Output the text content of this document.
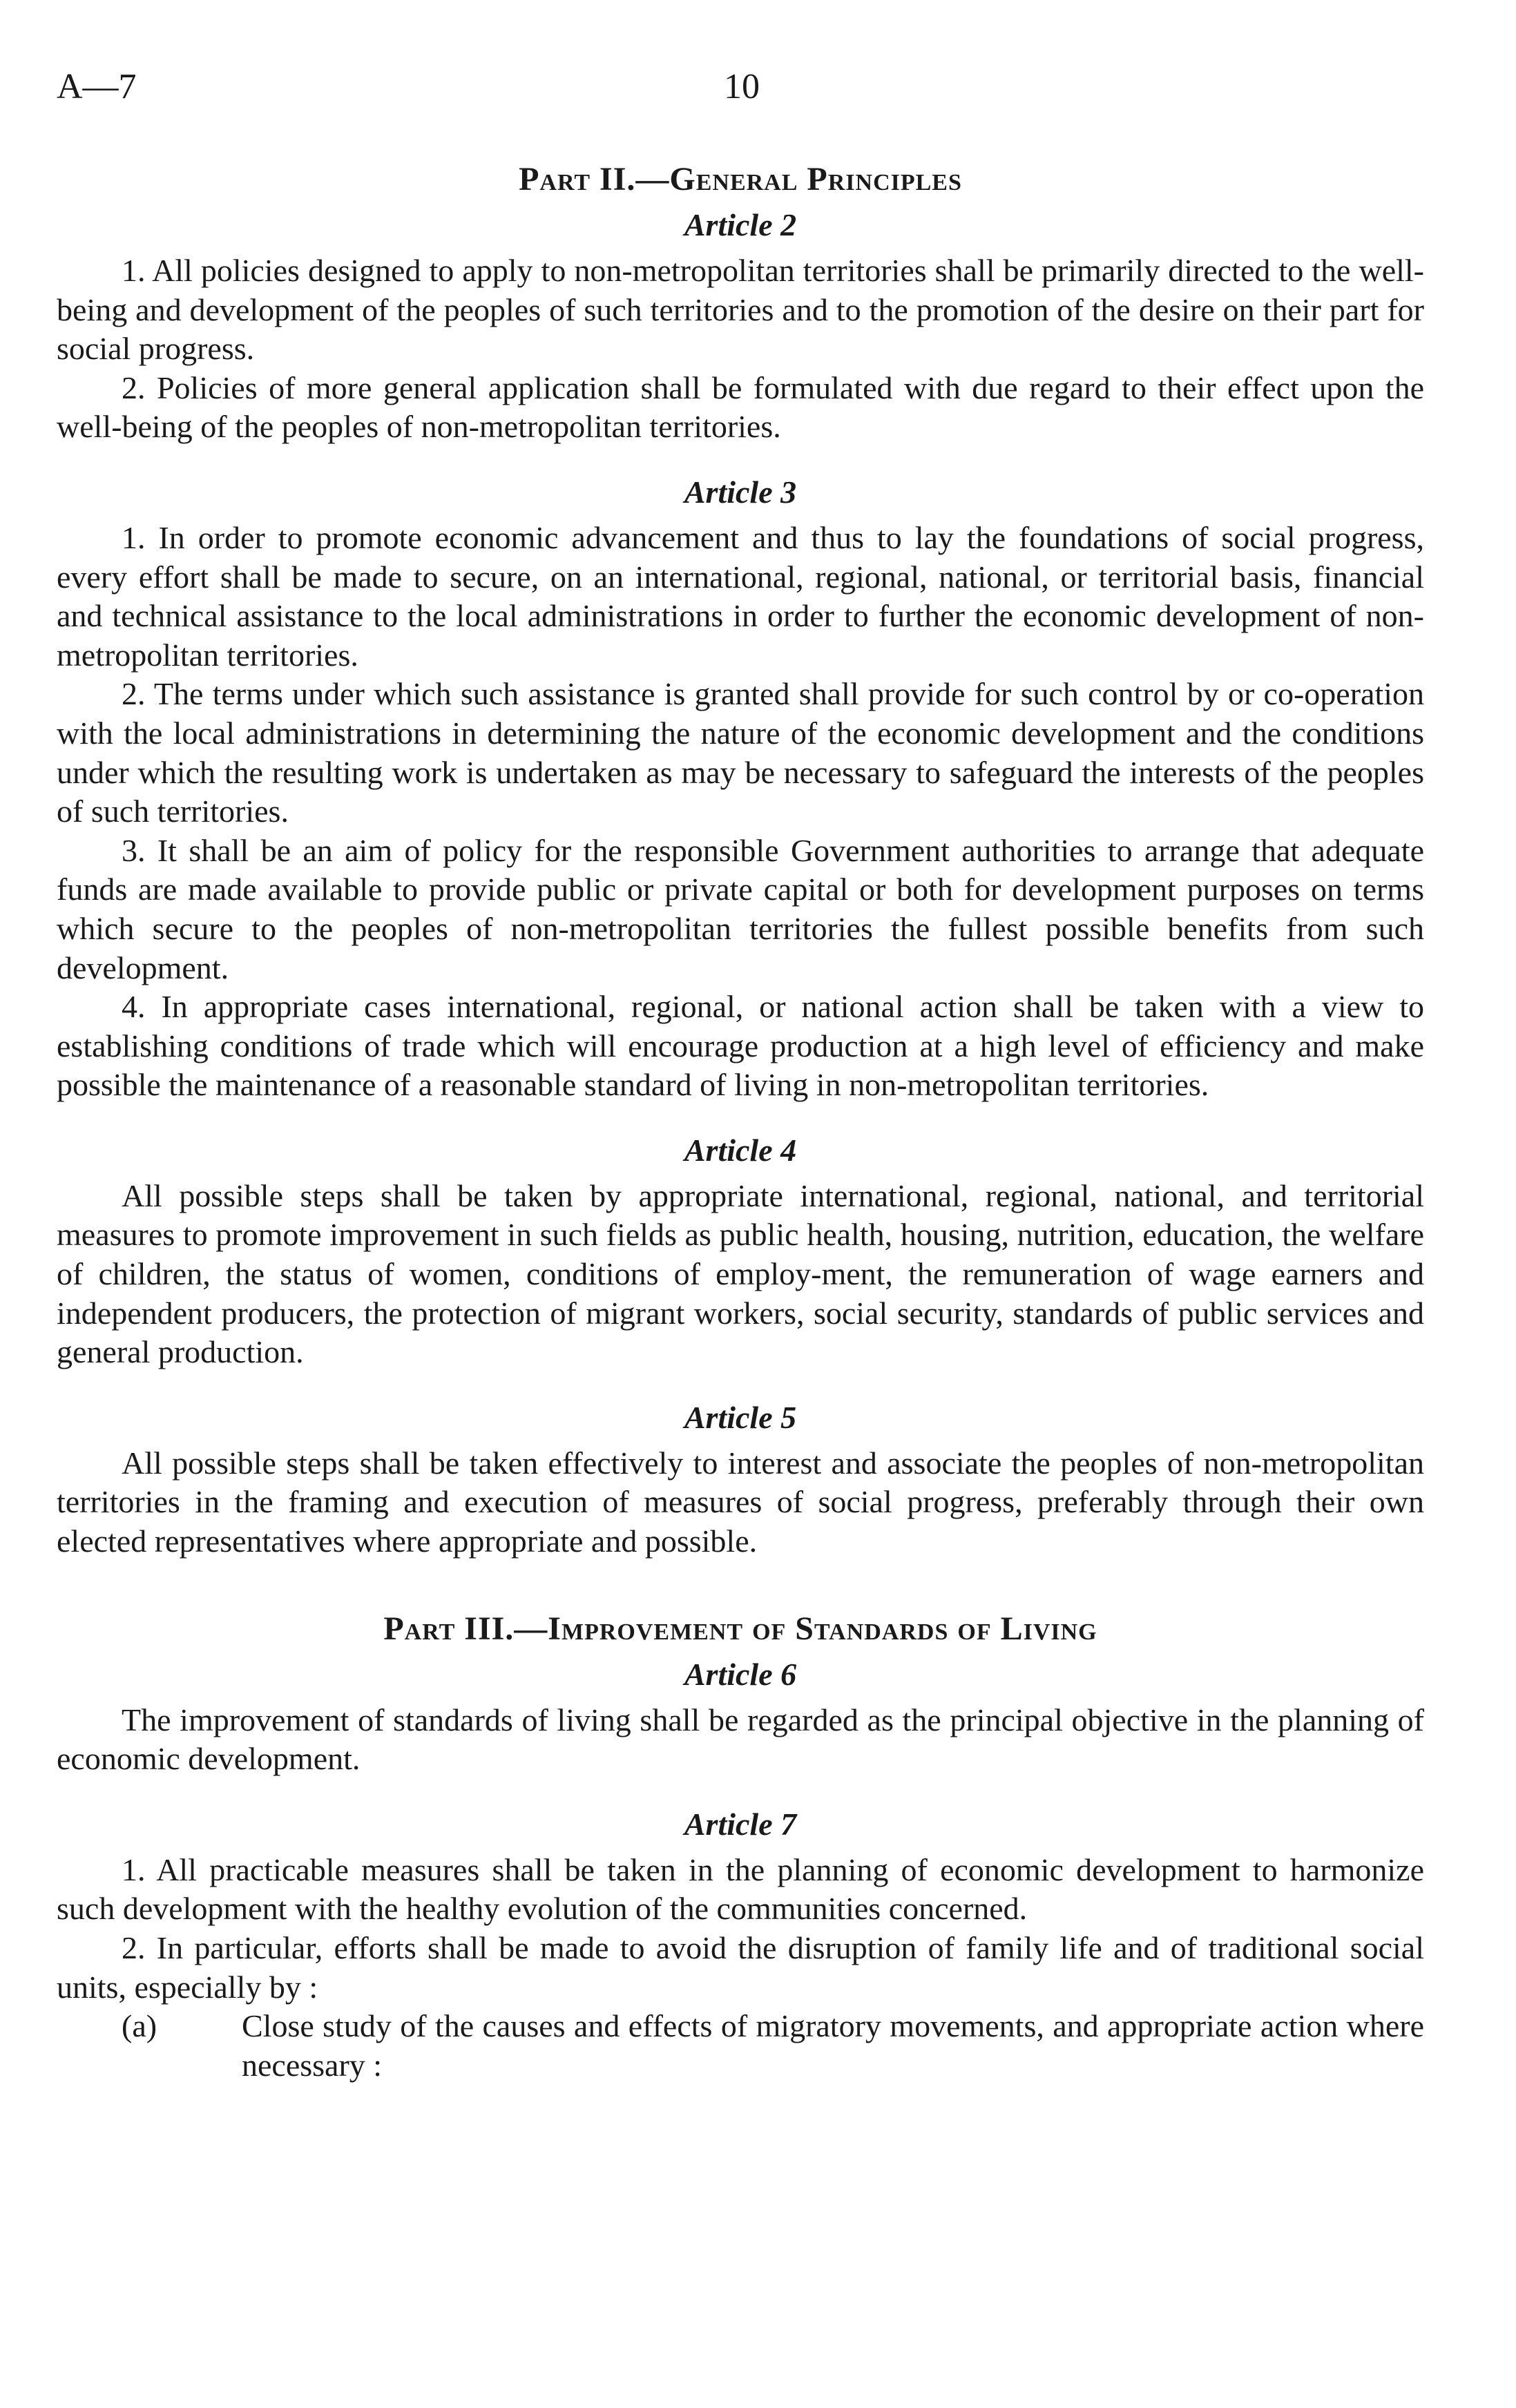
A—7	10
Part II.—General Principles
Article 2

1. All policies designed to apply to non-metropolitan territories shall be primarily directed to the well-being and development of the peoples of such territories and to the promotion of the desire on their part for social progress.

2. Policies of more general application shall be formulated with due regard to their effect upon the well-being of the peoples of non-metropolitan territories.

Article 3

1. In order to promote economic advancement and thus to lay the foundations of social progress, every effort shall be made to secure, on an international, regional, national, or territorial basis, financial and technical assistance to the local administrations in order to further the economic development of non-metropolitan territories.

2. The terms under which such assistance is granted shall provide for such control by or co-operation with the local administrations in determining the nature of the economic development and the conditions under which the resulting work is undertaken as may be necessary to safeguard the interests of the peoples of such territories.

3. It shall be an aim of policy for the responsible Government authorities to arrange that adequate funds are made available to provide public or private capital or both for development purposes on terms which secure to the peoples of non-metropolitan territories the fullest possible benefits from such development.

4. In appropriate cases international, regional, or national action shall be taken with a view to establishing conditions of trade which will encourage production at a high level of efficiency and make possible the maintenance of a reasonable standard of living in non-metropolitan territories.

Article 4

All possible steps shall be taken by appropriate international, regional, national, and territorial measures to promote improvement in such fields as public health, housing, nutrition, education, the welfare of children, the status of women, conditions of employ-ment, the remuneration of wage earners and independent producers, the protection of migrant workers, social security, standards of public services and general production.

Article 5

All possible steps shall be taken effectively to interest and associate the peoples of non-metropolitan territories in the framing and execution of measures of social progress, preferably through their own elected representatives where appropriate and possible.

Part III.—Improvement of Standards of Living
Article 6

The improvement of standards of living shall be regarded as the principal objective in the planning of economic development.

Article 7

1. All practicable measures shall be taken in the planning of economic development to harmonize such development with the healthy evolution of the communities concerned.

2. In particular, efforts shall be made to avoid the disruption of family life and of traditional social units, especially by :

(a)	Close study of the causes and effects of migratory movements, and appropriate action where necessary :
